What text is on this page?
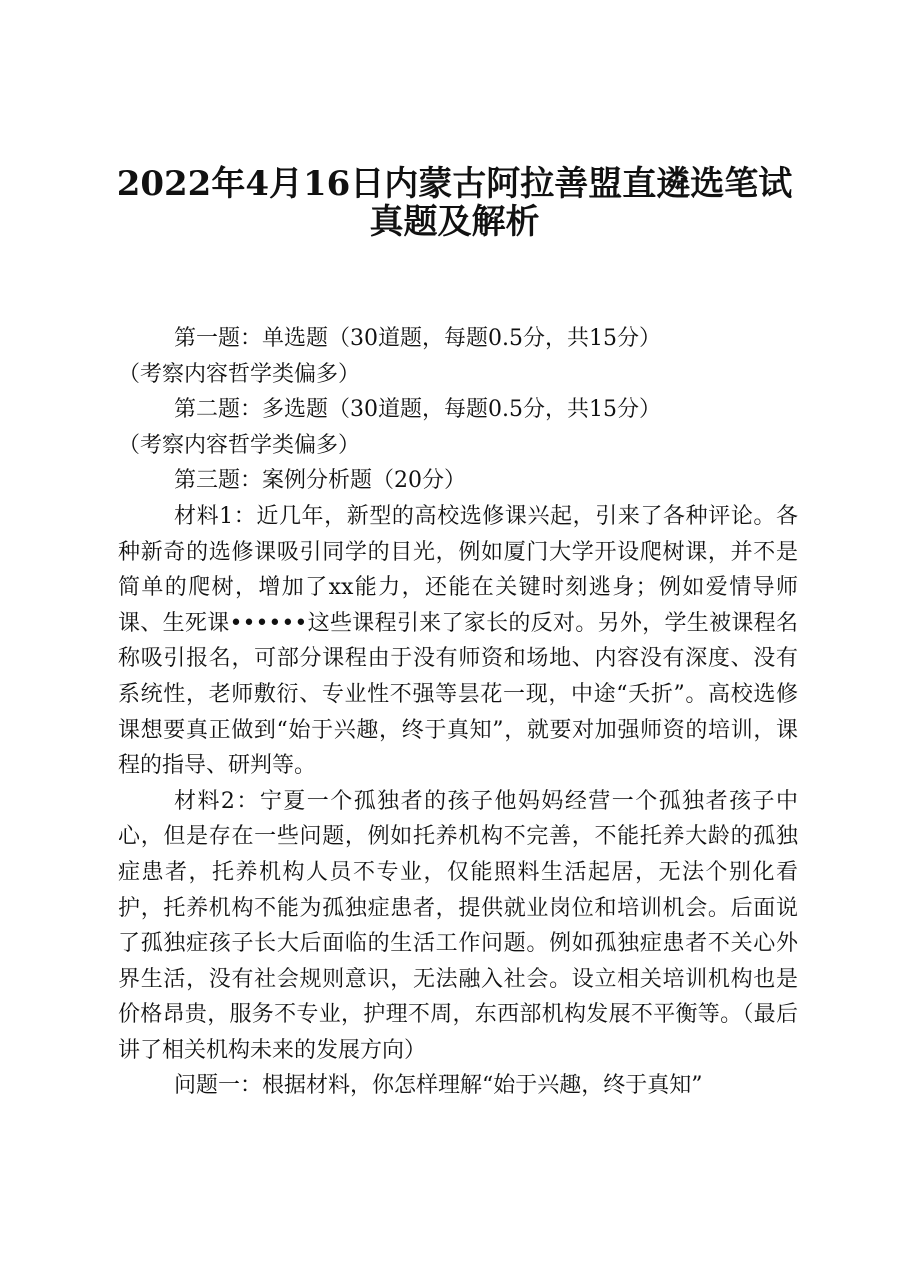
2022年4月16日内蒙古阿拉善盟直遴选笔试
真题及解析

第一题：单选题（30道题，每题0.5分，共15分）

（考察内容哲学类偏多）

第二题：多选题（30道题，每题0.5分，共15分）

（考察内容哲学类偏多）

第三题：案例分析题（20分）

材料1：近几年，新型的高校选修课兴起，引来了各种评论。各种新奇的选修课吸引同学的目光，例如厦门大学开设爬树课，并不是简单的爬树，增加了xx能力，还能在关键时刻逃身；例如爱情导师课、生死课••••••这些课程引来了家长的反对。另外，学生被课程名称吸引报名，可部分课程由于没有师资和场地、内容没有深度、没有系统性，老师敷衍、专业性不强等昙花一现，中途“夭折”。高校选修课想要真正做到“始于兴趣，终于真知”，就要对加强师资的培训，课程的指导、研判等。

材料2：宁夏一个孤独者的孩子他妈妈经营一个孤独者孩子中心，但是存在一些问题，例如托养机构不完善，不能托养大龄的孤独症患者，托养机构人员不专业，仅能照料生活起居，无法个别化看护，托养机构不能为孤独症患者，提供就业岗位和培训机会。后面说了孤独症孩子长大后面临的生活工作问题。例如孤独症患者不关心外界生活，没有社会规则意识，无法融入社会。设立相关培训机构也是价格昂贵，服务不专业，护理不周，东西部机构发展不平衡等。（最后讲了相关机构未来的发展方向）

问题一：根据材料，你怎样理解“始于兴趣，终于真知”
